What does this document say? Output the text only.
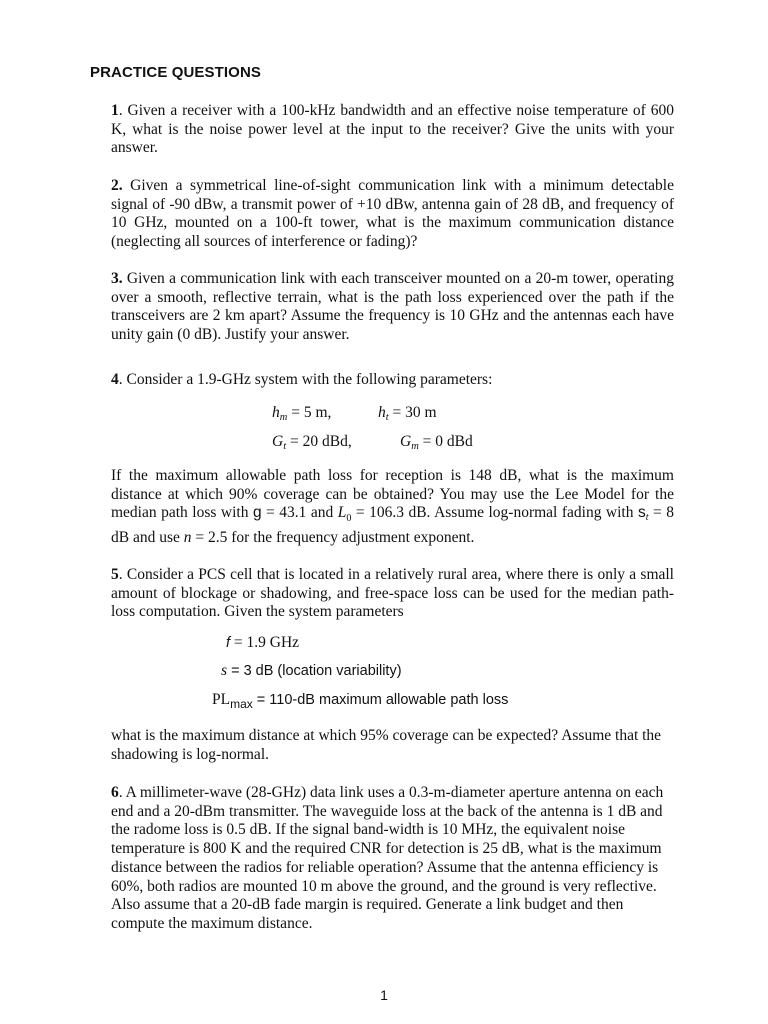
PRACTICE QUESTIONS
1. Given a receiver with a 100-kHz bandwidth and an effective noise temperature of 600 K, what is the noise power level at the input to the receiver? Give the units with your answer.
2. Given a symmetrical line-of-sight communication link with a minimum detectable signal of -90 dBw, a transmit power of +10 dBw, antenna gain of 28 dB, and frequency of 10 GHz, mounted on a 100-ft tower, what is the maximum communication distance (neglecting all sources of interference or fading)?
3. Given a communication link with each transceiver mounted on a 20-m tower, operating over a smooth, reflective terrain, what is the path loss experienced over the path if the transceivers are 2 km apart? Assume the frequency is 10 GHz and the antennas each have unity gain (0 dB). Justify your answer.
4. Consider a 1.9-GHz system with the following parameters:
hm = 5 m,	ht = 30 m
Gt = 20 dBd,	Gm = 0 dBd
If the maximum allowable path loss for reception is 148 dB, what is the maximum distance at which 90% coverage can be obtained? You may use the Lee Model for the median path loss with g = 43.1 and $L_0 = 106.3$ dB. Assume log-normal fading with st = 8 dB and use n = 2.5 for the frequency adjustment exponent.
5. Consider a PCS cell that is located in a relatively rural area, where there is only a small amount of blockage or shadowing, and free-space loss can be used for the median path-loss computation. Given the system parameters
f = 1.9 GHz
s = 3 dB (location variability)
$PL_{max} = 110-dB$ maximum allowable path loss
what is the maximum distance at which 95% coverage can be expected? Assume that the shadowing is log-normal.
6. A millimeter-wave (28-GHz) data link uses a 0.3-m-diameter aperture antenna on each end and a 20-dBm transmitter. The waveguide loss at the back of the antenna is 1 dB and the radome loss is 0.5 dB. If the signal band-width is 10 MHz, the equivalent noise temperature is 800 K and the required CNR for detection is 25 dB, what is the maximum distance between the radios for reliable operation? Assume that the antenna efficiency is 60%, both radios are mounted 10 m above the ground, and the ground is very reflective. Also assume that a 20-dB fade margin is required. Generate a link budget and then compute the maximum distance.
1
